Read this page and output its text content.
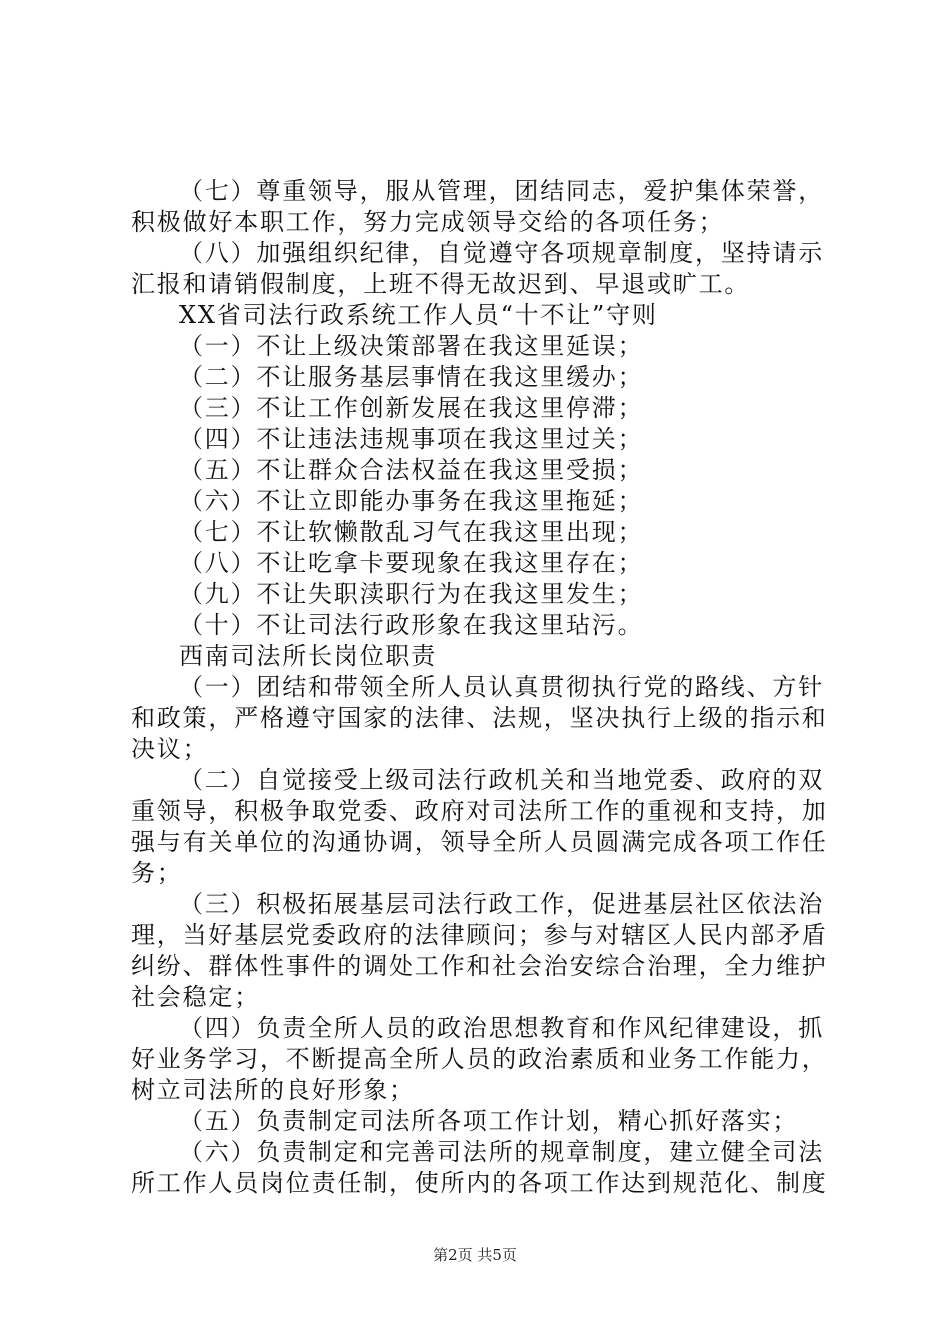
（七）尊重领导，服从管理，团结同志，爱护集体荣誉，
积极做好本职工作，努力完成领导交给的各项任务；
（八）加强组织纪律，自觉遵守各项规章制度，坚持请示
汇报和请销假制度，上班不得无故迟到、早退或旷工。
XX省司法行政系统工作人员“十不让”守则
（一）不让上级决策部署在我这里延误；
（二）不让服务基层事情在我这里缓办；
（三）不让工作创新发展在我这里停滞；
（四）不让违法违规事项在我这里过关；
（五）不让群众合法权益在我这里受损；
（六）不让立即能办事务在我这里拖延；
（七）不让软懒散乱习气在我这里出现；
（八）不让吃拿卡要现象在我这里存在；
（九）不让失职渎职行为在我这里发生；
（十）不让司法行政形象在我这里玷污。
西南司法所长岗位职责
（一）团结和带领全所人员认真贯彻执行党的路线、方针
和政策，严格遵守国家的法律、法规，坚决执行上级的指示和
决议；
（二）自觉接受上级司法行政机关和当地党委、政府的双
重领导，积极争取党委、政府对司法所工作的重视和支持，加
强与有关单位的沟通协调，领导全所人员圆满完成各项工作任
务；
（三）积极拓展基层司法行政工作，促进基层社区依法治
理，当好基层党委政府的法律顾问；参与对辖区人民内部矛盾
纠纷、群体性事件的调处工作和社会治安综合治理，全力维护
社会稳定；
（四）负责全所人员的政治思想教育和作风纪律建设，抓
好业务学习，不断提高全所人员的政治素质和业务工作能力，
树立司法所的良好形象；
（五）负责制定司法所各项工作计划，精心抓好落实；
（六）负责制定和完善司法所的规章制度，建立健全司法
所工作人员岗位责任制，使所内的各项工作达到规范化、制度
第2页 共5页
